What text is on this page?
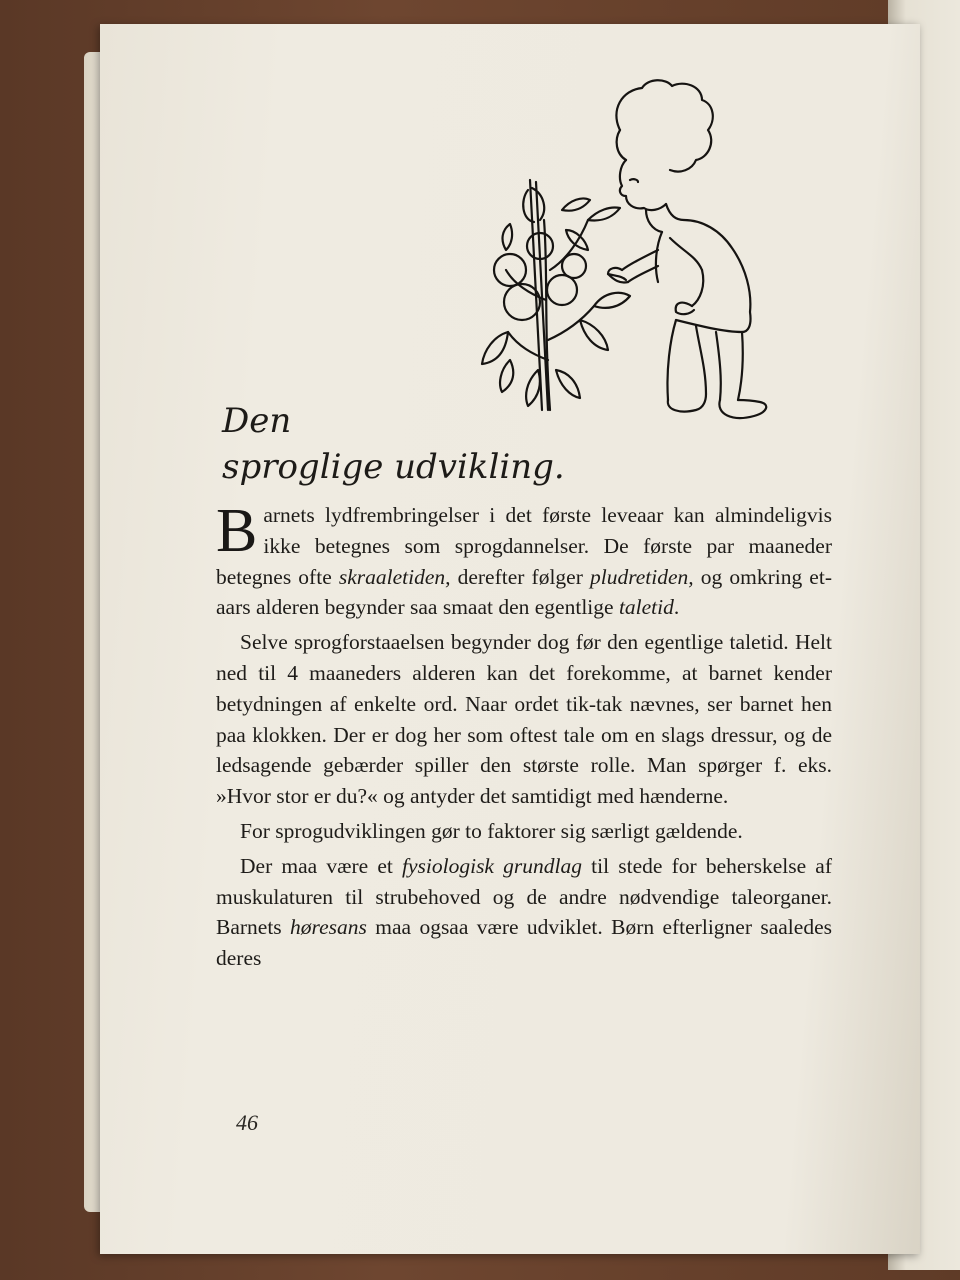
Den
sproglige udvikling.

Barnets lydfrembringelser i det første leveaar kan almindeligvis ikke betegnes som sprogdannelser. De første par maaneder betegnes ofte skraaletiden, derefter følger pludretiden, og omkring et-aars alderen begynder saa smaat den egentlige taletid.

Selve sprogforstaaelsen begynder dog før den egentlige taletid. Helt ned til 4 maaneders alderen kan det forekomme, at barnet kender betydningen af enkelte ord. Naar ordet tik-tak nævnes, ser barnet hen paa klokken. Der er dog her som oftest tale om en slags dressur, og de ledsagende gebærder spiller den største rolle. Man spørger f. eks. »Hvor stor er du?« og antyder det samtidigt med hænderne.

For sprogudviklingen gør to faktorer sig særligt gældende.

Der maa være et fysiologisk grundlag til stede for beherskelse af muskulaturen til strubehoved og de andre nødvendige taleorganer. Barnets høresans maa ogsaa være udviklet. Børn efterligner saaledes deres

46
